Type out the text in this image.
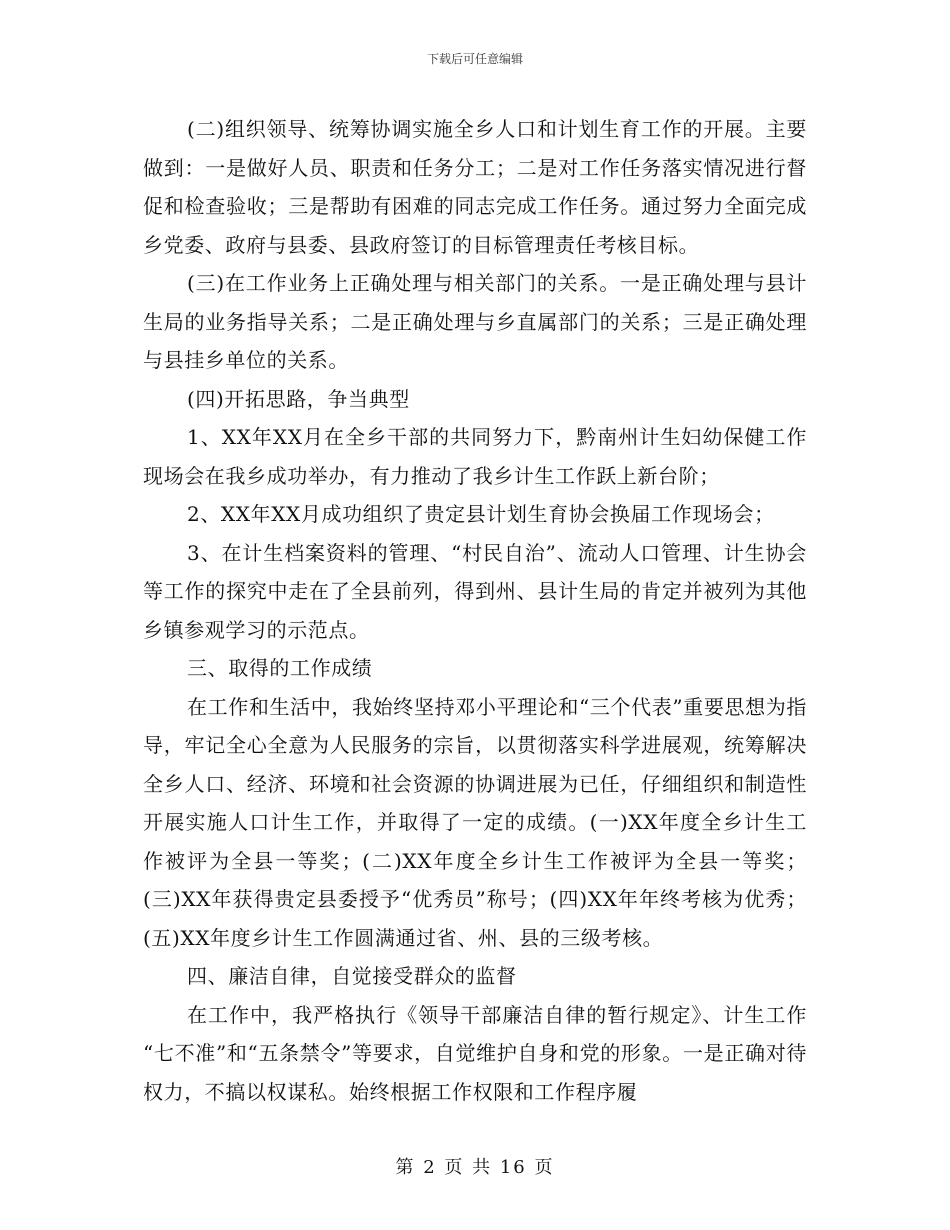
下载后可任意编辑

(二)组织领导、统筹协调实施全乡人口和计划生育工作的开展。主要做到：一是做好人员、职责和任务分工；二是对工作任务落实情况进行督促和检查验收；三是帮助有困难的同志完成工作任务。通过努力全面完成乡党委、政府与县委、县政府签订的目标管理责任考核目标。

(三)在工作业务上正确处理与相关部门的关系。一是正确处理与县计生局的业务指导关系；二是正确处理与乡直属部门的关系；三是正确处理与县挂乡单位的关系。

(四)开拓思路，争当典型

1、XX年XX月在全乡干部的共同努力下，黔南州计生妇幼保健工作现场会在我乡成功举办，有力推动了我乡计生工作跃上新台阶；

2、XX年XX月成功组织了贵定县计划生育协会换届工作现场会；

3、在计生档案资料的管理、“村民自治”、流动人口管理、计生协会等工作的探究中走在了全县前列，得到州、县计生局的肯定并被列为其他乡镇参观学习的示范点。

三、取得的工作成绩

在工作和生活中，我始终坚持邓小平理论和“三个代表”重要思想为指导，牢记全心全意为人民服务的宗旨，以贯彻落实科学进展观，统筹解决全乡人口、经济、环境和社会资源的协调进展为已任，仔细组织和制造性开展实施人口计生工作，并取得了一定的成绩。(一)XX年度全乡计生工作被评为全县一等奖；(二)XX年度全乡计生工作被评为全县一等奖；(三)XX年获得贵定县委授予“优秀员”称号；(四)XX年年终考核为优秀；(五)XX年度乡计生工作圆满通过省、州、县的三级考核。

四、廉洁自律，自觉接受群众的监督

在工作中，我严格执行《领导干部廉洁自律的暂行规定》、计生工作 “七不准”和“五条禁令”等要求，自觉维护自身和党的形象。一是正确对待权力，不搞以权谋私。始终根据工作权限和工作程序履

第 2 页 共 16 页
